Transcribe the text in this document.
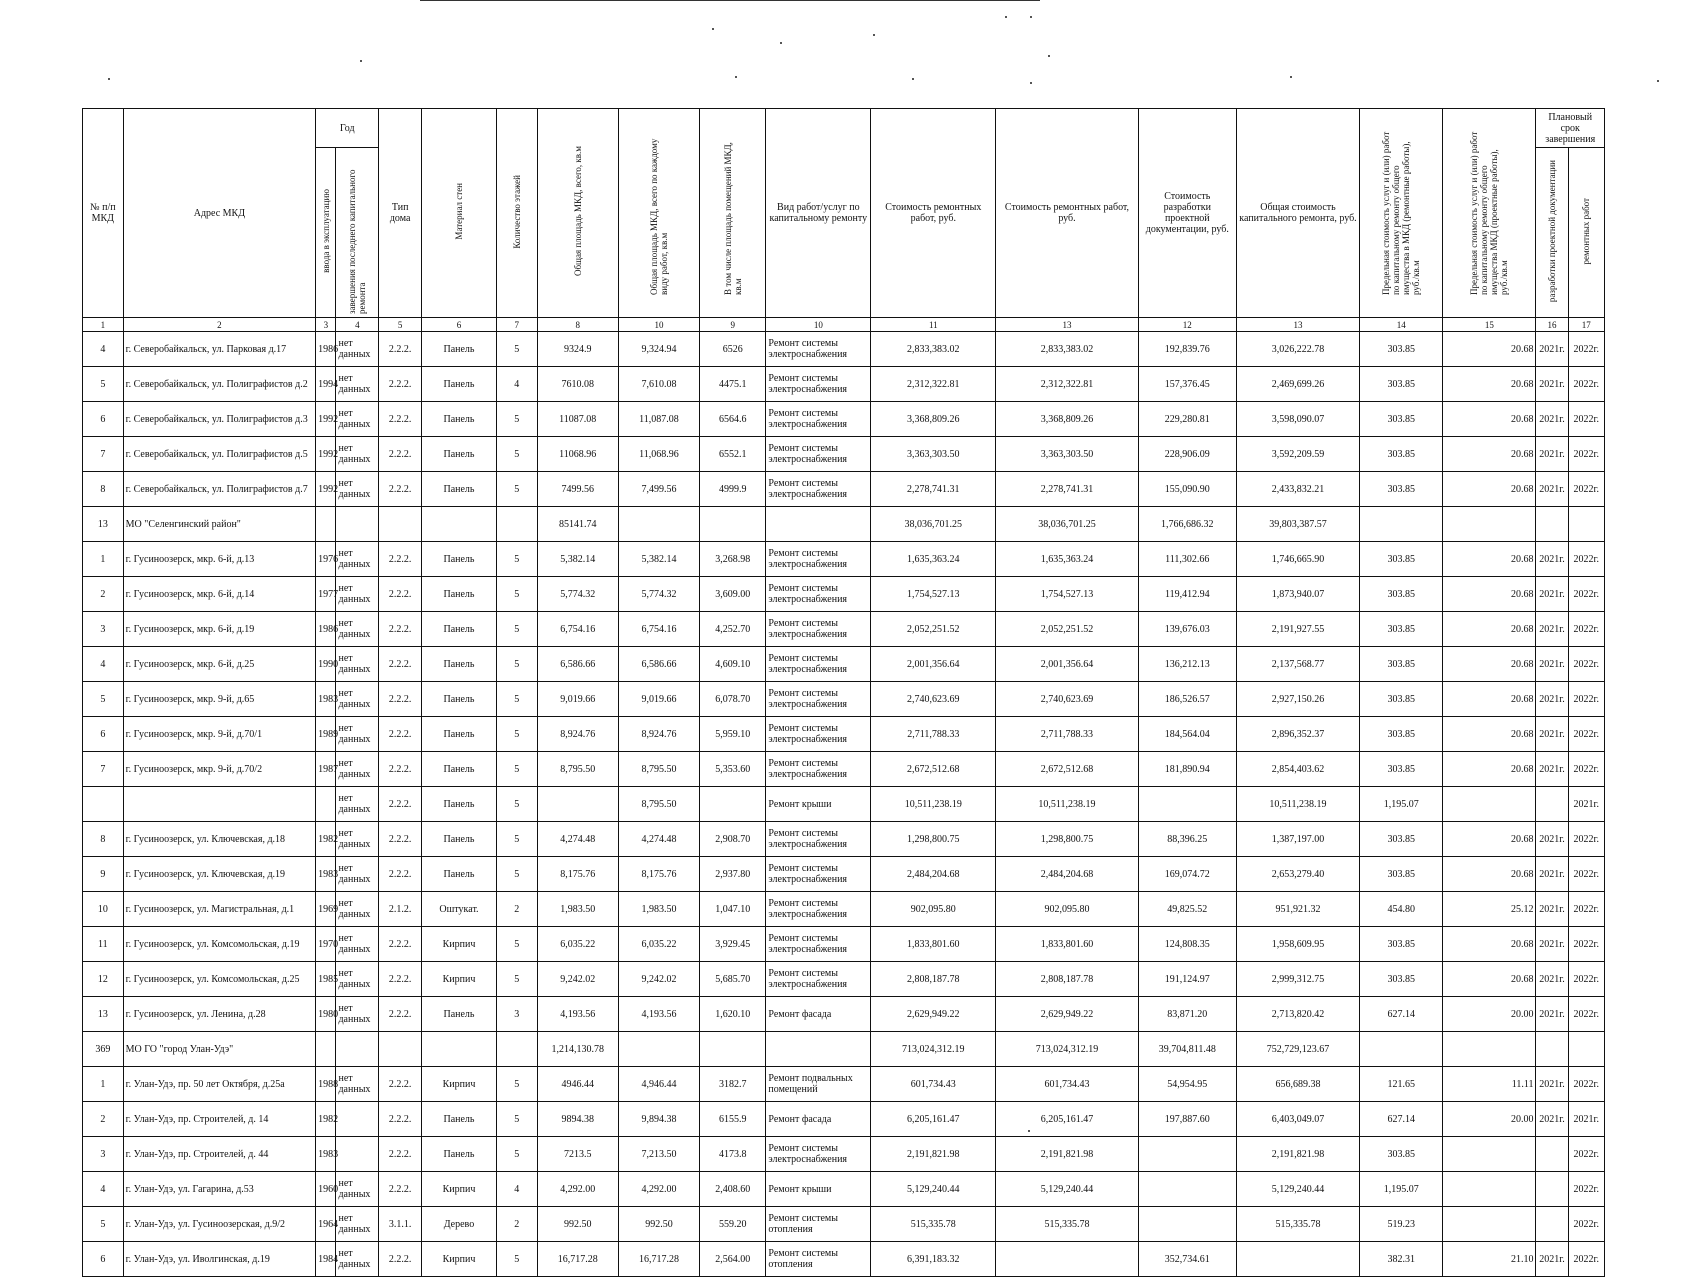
№ п/п МКД	Адрес МКД	Год		Тип дома	Материал стен	Количество этажей	Общая площадь МКД, всего, кв.м	Общая площадь МКД, всего по каждому виду работ, кв.м	В том числе площадь помещений МКД, кв.м	Вид работ/услуг по капитальному ремонту	Стоимость ремонтных работ, руб.	Стоимость ремонтных работ, руб.	Стоимость разработки проектной документации, руб.	Общая стоимость капитального ремонта, руб.	Предельная стоимость услуг и (или) работ по капитальному ремонту общего имущества в МКД (ремонтные работы), руб./кв.м	Предельная стоимость услуг и (или) работ по капитальному ремонту общего имущества МКД (проектные работы), руб./кв.м	Плановый срок завершения	
		ввода в эксплуатацию	завершения последнего капитального ремонта														разработки проектной документации	ремонтных работ
1	2	3	4	5	6	7	8	10	9	10	11	13	12	13	14	15	16	17
4	г. Северобайкальск, ул. Парковая д.17	1986	нет данных	2.2.2.	Панель	5	9324.9	9,324.94	6526	Ремонт системы электроснабжения	2,833,383.02	2,833,383.02	192,839.76	3,026,222.78	303.85	20.68	2021г.	2022г.
5	г. Северобайкальск, ул. Полиграфистов д.2	1994	нет данных	2.2.2.	Панель	4	7610.08	7,610.08	4475.1	Ремонт системы электроснабжения	2,312,322.81	2,312,322.81	157,376.45	2,469,699.26	303.85	20.68	2021г.	2022г.
6	г. Северобайкальск, ул. Полиграфистов д.3	1992	нет данных	2.2.2.	Панель	5	11087.08	11,087.08	6564.6	Ремонт системы электроснабжения	3,368,809.26	3,368,809.26	229,280.81	3,598,090.07	303.85	20.68	2021г.	2022г.
7	г. Северобайкальск, ул. Полиграфистов д.5	1992	нет данных	2.2.2.	Панель	5	11068.96	11,068.96	6552.1	Ремонт системы электроснабжения	3,363,303.50	3,363,303.50	228,906.09	3,592,209.59	303.85	20.68	2021г.	2022г.
8	г. Северобайкальск, ул. Полиграфистов д.7	1992	нет данных	2.2.2.	Панель	5	7499.56	7,499.56	4999.9	Ремонт системы электроснабжения	2,278,741.31	2,278,741.31	155,090.90	2,433,832.21	303.85	20.68	2021г.	2022г.
13	МО "Селенгинский район"						85141.74				38,036,701.25	38,036,701.25	1,766,686.32	39,803,387.57				
1	г. Гусиноозерск, мкр. 6-й, д.13	1976	нет данных	2.2.2.	Панель	5	5,382.14	5,382.14	3,268.98	Ремонт системы электроснабжения	1,635,363.24	1,635,363.24	111,302.66	1,746,665.90	303.85	20.68	2021г.	2022г.
2	г. Гусиноозерск, мкр. 6-й, д.14	1977	нет данных	2.2.2.	Панель	5	5,774.32	5,774.32	3,609.00	Ремонт системы электроснабжения	1,754,527.13	1,754,527.13	119,412.94	1,873,940.07	303.85	20.68	2021г.	2022г.
3	г. Гусиноозерск, мкр. 6-й, д.19	1986	нет данных	2.2.2.	Панель	5	6,754.16	6,754.16	4,252.70	Ремонт системы электроснабжения	2,052,251.52	2,052,251.52	139,676.03	2,191,927.55	303.85	20.68	2021г.	2022г.
4	г. Гусиноозерск, мкр. 6-й, д.25	1990	нет данных	2.2.2.	Панель	5	6,586.66	6,586.66	4,609.10	Ремонт системы электроснабжения	2,001,356.64	2,001,356.64	136,212.13	2,137,568.77	303.85	20.68	2021г.	2022г.
5	г. Гусиноозерск, мкр. 9-й, д.65	1983	нет данных	2.2.2.	Панель	5	9,019.66	9,019.66	6,078.70	Ремонт системы электроснабжения	2,740,623.69	2,740,623.69	186,526.57	2,927,150.26	303.85	20.68	2021г.	2022г.
6	г. Гусиноозерск, мкр. 9-й, д.70/1	1989	нет данных	2.2.2.	Панель	5	8,924.76	8,924.76	5,959.10	Ремонт системы электроснабжения	2,711,788.33	2,711,788.33	184,564.04	2,896,352.37	303.85	20.68	2021г.	2022г.
7	г. Гусиноозерск, мкр. 9-й, д.70/2	1987	нет данных	2.2.2.	Панель	5	8,795.50	8,795.50	5,353.60	Ремонт системы электроснабжения	2,672,512.68	2,672,512.68	181,890.94	2,854,403.62	303.85	20.68	2021г.	2022г.
			нет данных	2.2.2.	Панель	5		8,795.50		Ремонт крыши	10,511,238.19	10,511,238.19		10,511,238.19	1,195.07			2021г.
8	г. Гусиноозерск, ул. Ключевская, д.18	1982	нет данных	2.2.2.	Панель	5	4,274.48	4,274.48	2,908.70	Ремонт системы электроснабжения	1,298,800.75	1,298,800.75	88,396.25	1,387,197.00	303.85	20.68	2021г.	2022г.
9	г. Гусиноозерск, ул. Ключевская, д.19	1983	нет данных	2.2.2.	Панель	5	8,175.76	8,175.76	2,937.80	Ремонт системы электроснабжения	2,484,204.68	2,484,204.68	169,074.72	2,653,279.40	303.85	20.68	2021г.	2022г.
10	г. Гусиноозерск, ул. Магистральная, д.1	1969	нет данных	2.1.2.	Оштукат.	2	1,983.50	1,983.50	1,047.10	Ремонт системы электроснабжения	902,095.80	902,095.80	49,825.52	951,921.32	454.80	25.12	2021г.	2022г.
11	г. Гусиноозерск, ул. Комсомольская, д.19	1970	нет данных	2.2.2.	Кирпич	5	6,035.22	6,035.22	3,929.45	Ремонт системы электроснабжения	1,833,801.60	1,833,801.60	124,808.35	1,958,609.95	303.85	20.68	2021г.	2022г.
12	г. Гусиноозерск, ул. Комсомольская, д.25	1985	нет данных	2.2.2.	Кирпич	5	9,242.02	9,242.02	5,685.70	Ремонт системы электроснабжения	2,808,187.78	2,808,187.78	191,124.97	2,999,312.75	303.85	20.68	2021г.	2022г.
13	г. Гусиноозерск, ул. Ленина, д.28	1980	нет данных	2.2.2.	Панель	3	4,193.56	4,193.56	1,620.10	Ремонт фасада	2,629,949.22	2,629,949.22	83,871.20	2,713,820.42	627.14	20.00	2021г.	2022г.
369	МО ГО "город Улан-Удэ"						1,214,130.78				713,024,312.19	713,024,312.19	39,704,811.48	752,729,123.67				
1	г. Улан-Удэ, пр. 50 лет Октября, д.25а	1988	нет данных	2.2.2.	Кирпич	5	4946.44	4,946.44	3182.7	Ремонт подвальных помещений	601,734.43	601,734.43	54,954.95	656,689.38	121.65	11.11	2021г.	2022г.
2	г. Улан-Удэ, пр. Строителей, д. 14	1982		2.2.2.	Панель	5	9894.38	9,894.38	6155.9	Ремонт фасада	6,205,161.47	6,205,161.47	197,887.60	6,403,049.07	627.14	20.00	2021г.	2021г.
3	г. Улан-Удэ, пр. Строителей, д. 44	1983		2.2.2.	Панель	5	7213.5	7,213.50	4173.8	Ремонт системы электроснабжения	2,191,821.98	2,191,821.98		2,191,821.98	303.85			2022г.
4	г. Улан-Удэ, ул. Гагарина, д.53	1960	нет данных	2.2.2.	Кирпич	4	4,292.00	4,292.00	2,408.60	Ремонт крыши	5,129,240.44	5,129,240.44		5,129,240.44	1,195.07			2022г.
5	г. Улан-Удэ, ул. Гусиноозерская, д.9/2	1964	нет данных	3.1.1.	Дерево	2	992.50	992.50	559.20	Ремонт системы отопления	515,335.78	515,335.78		515,335.78	519.23			2022г.
6	г. Улан-Удэ, ул. Иволгинская, д.19	1984	нет данных	2.2.2.	Кирпич	5	16,717.28	16,717.28	2,564.00	Ремонт системы отопления	6,391,183.32		352,734.61		382.31	21.10	2021г.	2022г.
